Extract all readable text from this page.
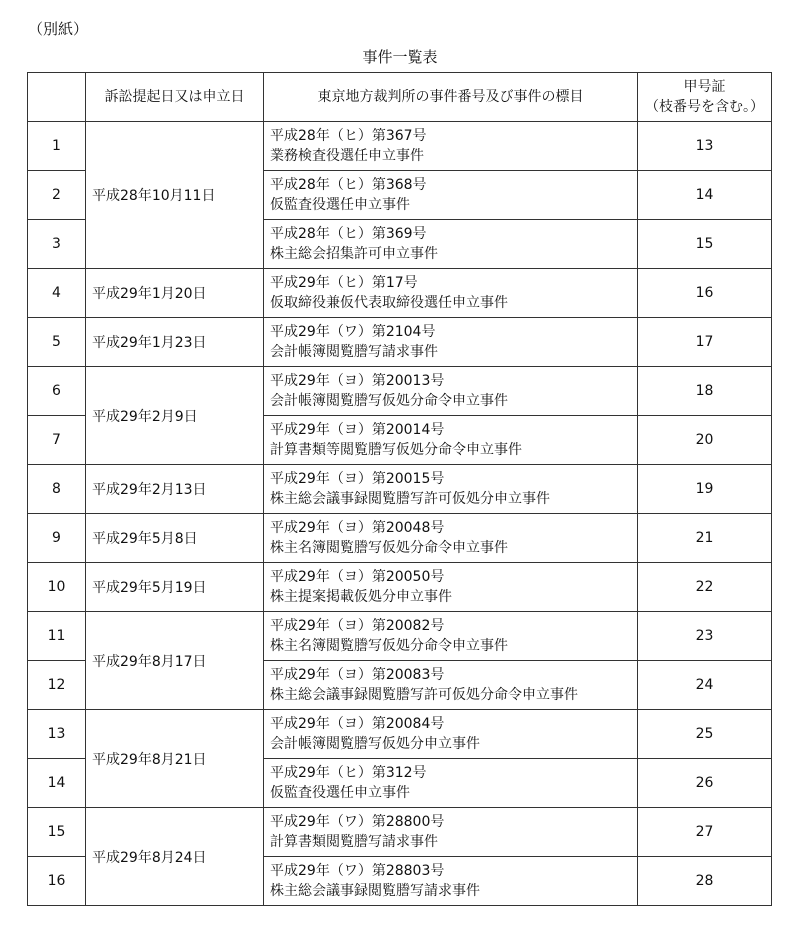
（別紙）
事件一覧表
	訴訟提起日又は申立日	東京地方裁判所の事件番号及び事件の標目	甲号証
（枝番号を含む。）

1	平成28年10月11日	平成28年（ヒ）第367号
業務検査役選任申立事件	13
2		平成28年（ヒ）第368号
仮監査役選任申立事件	14
3		平成28年（ヒ）第369号
株主総会招集許可申立事件	15
4	平成29年1月20日	平成29年（ヒ）第17号
仮取締役兼仮代表取締役選任申立事件	16
5	平成29年1月23日	平成29年（ワ）第2104号
会計帳簿閲覧謄写請求事件	17
6	平成29年2月9日	平成29年（ヨ）第20013号
会計帳簿閲覧謄写仮処分命令申立事件	18
7		平成29年（ヨ）第20014号
計算書類等閲覧謄写仮処分命令申立事件	20
8	平成29年2月13日	平成29年（ヨ）第20015号
株主総会議事録閲覧謄写許可仮処分申立事件	19
9	平成29年5月8日	平成29年（ヨ）第20048号
株主名簿閲覧謄写仮処分命令申立事件	21
10	平成29年5月19日	平成29年（ヨ）第20050号
株主提案掲載仮処分申立事件	22
11	平成29年8月17日	平成29年（ヨ）第20082号
株主名簿閲覧謄写仮処分命令申立事件	23
12		平成29年（ヨ）第20083号
株主総会議事録閲覧謄写許可仮処分命令申立事件	24
13	平成29年8月21日	平成29年（ヨ）第20084号
会計帳簿閲覧謄写仮処分申立事件	25
14		平成29年（ヒ）第312号
仮監査役選任申立事件	26
15	平成29年8月24日	平成29年（ワ）第28800号
計算書類閲覧謄写請求事件	27
16		平成29年（ワ）第28803号
株主総会議事録閲覧謄写請求事件	28
